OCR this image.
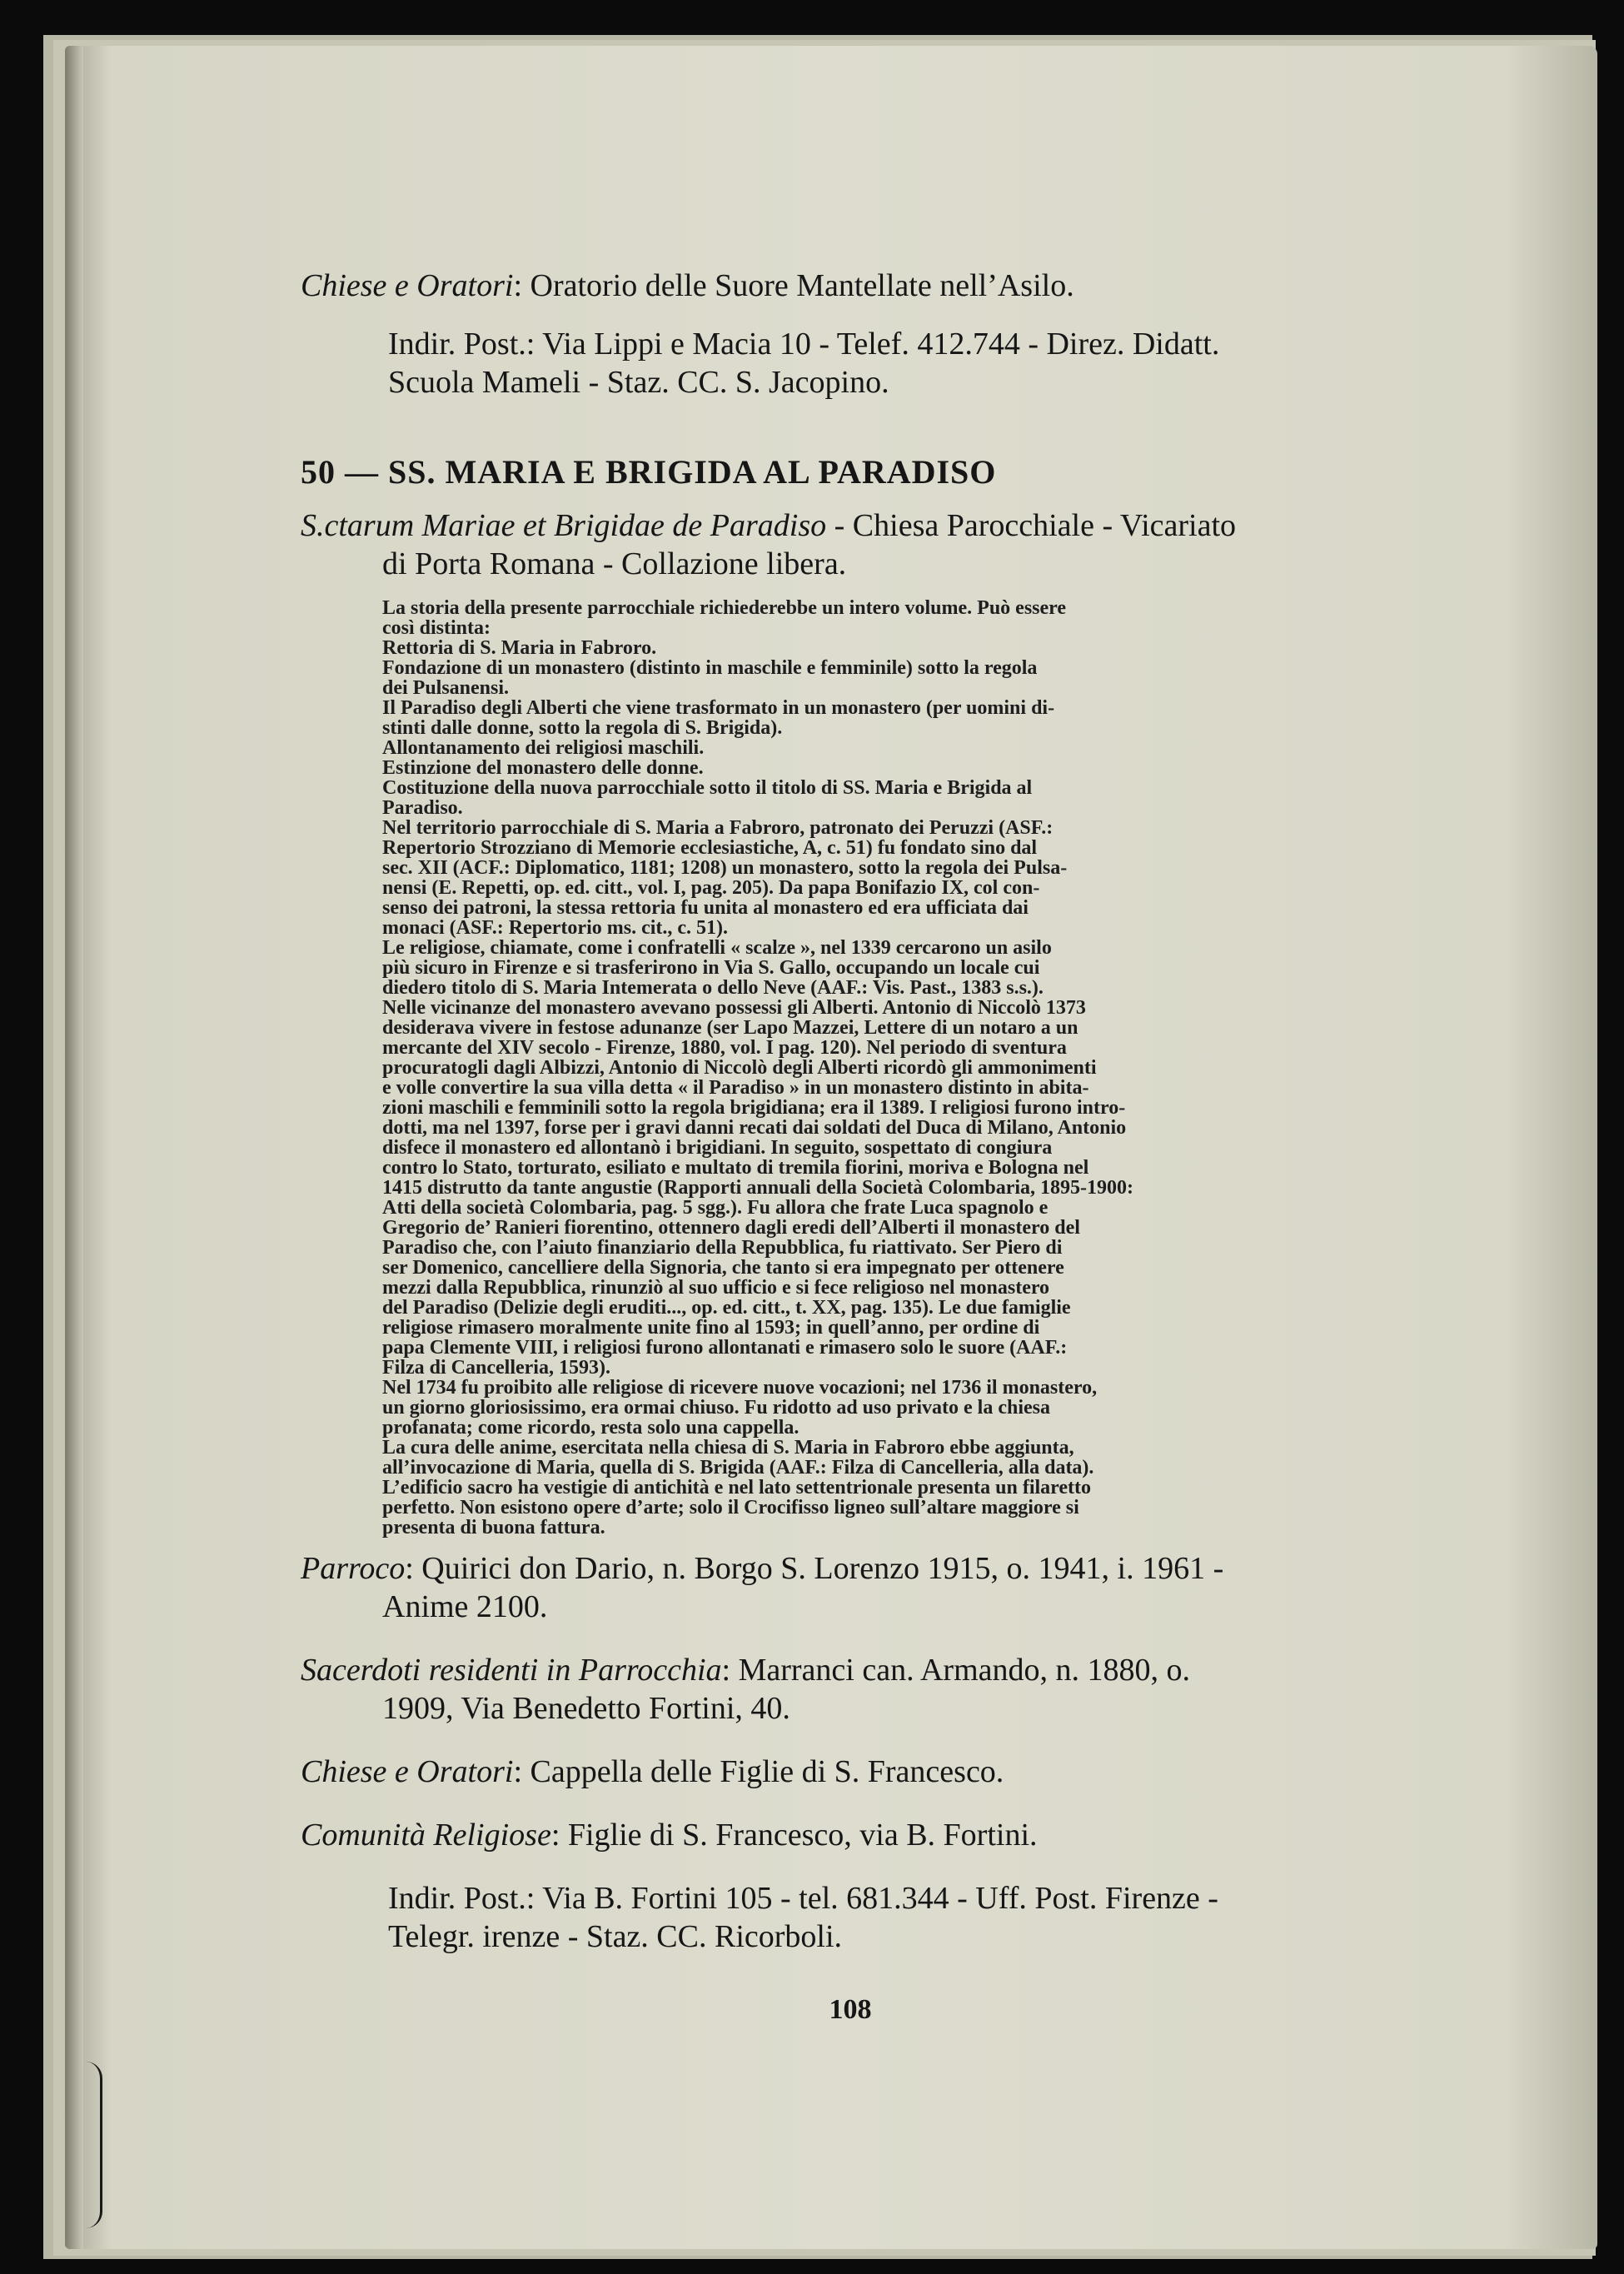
Chiese e Oratori: Oratorio delle Suore Mantellate nell’Asilo.
Indir. Post.: Via Lippi e Macia 10 - Telef. 412.744 - Direz. Didatt.
Scuola Mameli - Staz. CC. S. Jacopino.
50 — SS. MARIA E BRIGIDA AL PARADISO
S.ctarum Mariae et Brigidae de Paradiso - Chiesa Parocchiale - Vicariato
di Porta Romana - Collazione libera.
La storia della presente parrocchiale richiederebbe un intero volume. Può essere
così distinta:
Rettoria di S. Maria in Fabroro.
Fondazione di un monastero (distinto in maschile e femminile) sotto la regola
dei Pulsanensi.
Il Paradiso degli Alberti che viene trasformato in un monastero (per uomini di-
stinti dalle donne, sotto la regola di S. Brigida).
Allontanamento dei religiosi maschili.
Estinzione del monastero delle donne.
Costituzione della nuova parrocchiale sotto il titolo di SS. Maria e Brigida al
Paradiso.
Nel territorio parrocchiale di S. Maria a Fabroro, patronato dei Peruzzi (ASF.:
Repertorio Strozziano di Memorie ecclesiastiche, A, c. 51) fu fondato sino dal
sec. XII (ACF.: Diplomatico, 1181; 1208) un monastero, sotto la regola dei Pulsa-
nensi (E. Repetti, op. ed. citt., vol. I, pag. 205). Da papa Bonifazio IX, col con-
senso dei patroni, la stessa rettoria fu unita al monastero ed era ufficiata dai
monaci (ASF.: Repertorio ms. cit., c. 51).
Le religiose, chiamate, come i confratelli « scalze », nel 1339 cercarono un asilo
più sicuro in Firenze e si trasferirono in Via S. Gallo, occupando un locale cui
diedero titolo di S. Maria Intemerata o dello Neve (AAF.: Vis. Past., 1383 s.s.).
Nelle vicinanze del monastero avevano possessi gli Alberti. Antonio di Niccolò 1373
desiderava vivere in festose adunanze (ser Lapo Mazzei, Lettere di un notaro a un
mercante del XIV secolo - Firenze, 1880, vol. I pag. 120). Nel periodo di sventura
procuratogli dagli Albizzi, Antonio di Niccolò degli Alberti ricordò gli ammonimenti
e volle convertire la sua villa detta « il Paradiso » in un monastero distinto in abita-
zioni maschili e femminili sotto la regola brigidiana; era il 1389. I religiosi furono intro-
dotti, ma nel 1397, forse per i gravi danni recati dai soldati del Duca di Milano, Antonio
disfece il monastero ed allontanò i brigidiani. In seguito, sospettato di congiura
contro lo Stato, torturato, esiliato e multato di tremila fiorini, moriva e Bologna nel
1415 distrutto da tante angustie (Rapporti annuali della Società Colombaria, 1895-1900:
Atti della società Colombaria, pag. 5 sgg.). Fu allora che frate Luca spagnolo e
Gregorio de’ Ranieri fiorentino, ottennero dagli eredi dell’Alberti il monastero del
Paradiso che, con l’aiuto finanziario della Repubblica, fu riattivato. Ser Piero di
ser Domenico, cancelliere della Signoria, che tanto si era impegnato per ottenere
mezzi dalla Repubblica, rinunziò al suo ufficio e si fece religioso nel monastero
del Paradiso (Delizie degli eruditi..., op. ed. citt., t. XX, pag. 135). Le due famiglie
religiose rimasero moralmente unite fino al 1593; in quell’anno, per ordine di
papa Clemente VIII, i religiosi furono allontanati e rimasero solo le suore (AAF.:
Filza di Cancelleria, 1593).
Nel 1734 fu proibito alle religiose di ricevere nuove vocazioni; nel 1736 il monastero,
un giorno gloriosissimo, era ormai chiuso. Fu ridotto ad uso privato e la chiesa
profanata; come ricordo, resta solo una cappella.
La cura delle anime, esercitata nella chiesa di S. Maria in Fabroro ebbe aggiunta,
all’invocazione di Maria, quella di S. Brigida (AAF.: Filza di Cancelleria, alla data).
L’edificio sacro ha vestigie di antichità e nel lato settentrionale presenta un filaretto
perfetto. Non esistono opere d’arte; solo il Crocifisso ligneo sull’altare maggiore si
presenta di buona fattura.
Parroco: Quirici don Dario, n. Borgo S. Lorenzo 1915, o. 1941, i. 1961 -
Anime 2100.
Sacerdoti residenti in Parrocchia: Marranci can. Armando, n. 1880, o.
1909, Via Benedetto Fortini, 40.
Chiese e Oratori: Cappella delle Figlie di S. Francesco.
Comunità Religiose: Figlie di S. Francesco, via B. Fortini.
Indir. Post.: Via B. Fortini 105 - tel. 681.344 - Uff. Post. Firenze -
Telegr. irenze - Staz. CC. Ricorboli.
108
